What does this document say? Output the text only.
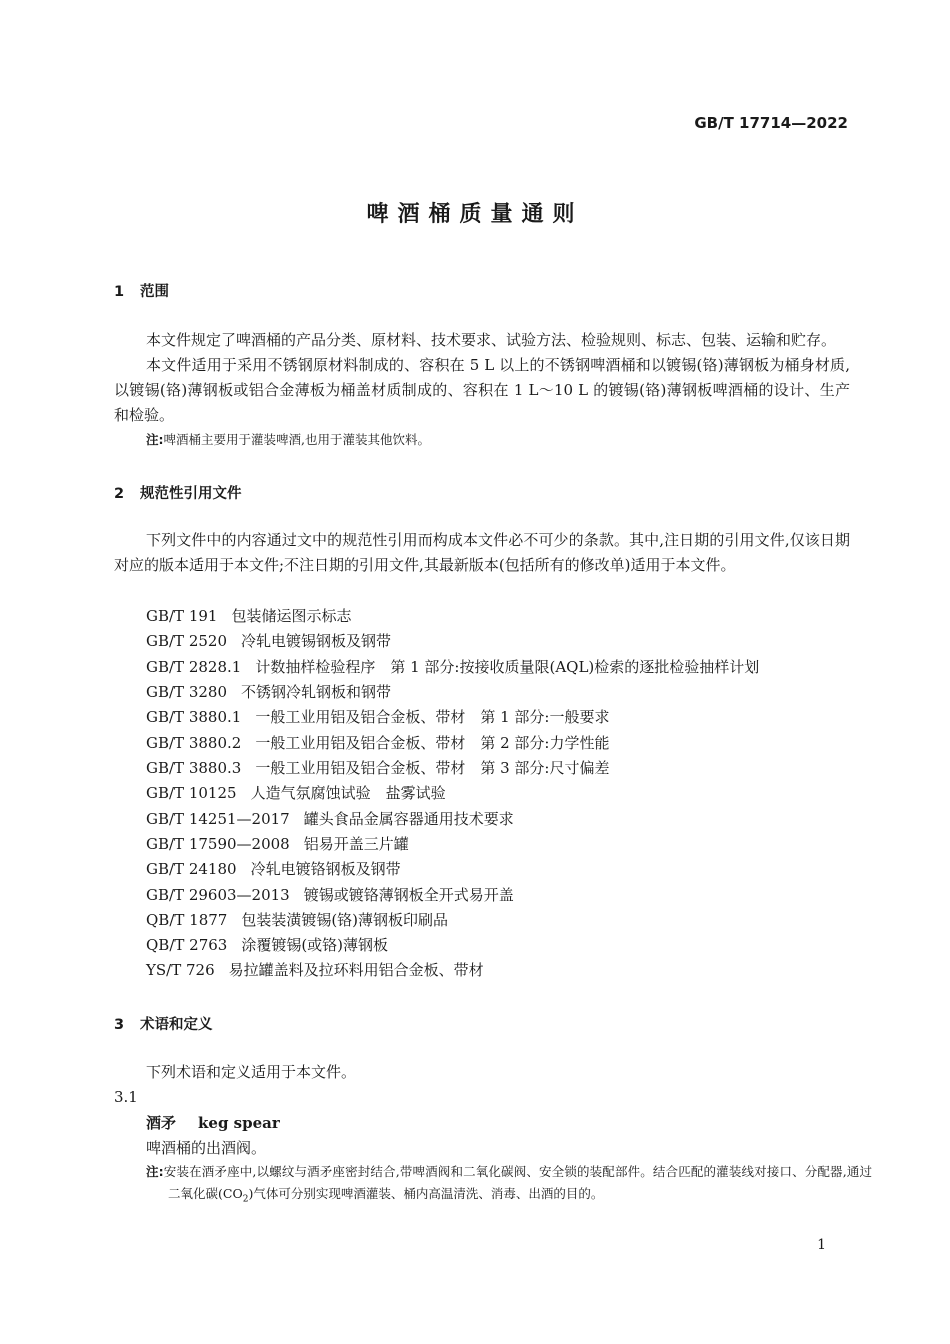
GB/T 17714—2022
啤酒桶质量通则
1 范围
本文件规定了啤酒桶的产品分类、原材料、技术要求、试验方法、检验规则、标志、包装、运输和贮存。
本文件适用于采用不锈钢原材料制成的、容积在 5 L 以上的不锈钢啤酒桶和以镀锡(铬)薄钢板为桶身材质,以镀锡(铬)薄钢板或铝合金薄板为桶盖材质制成的、容积在 1 L～10 L 的镀锡(铬)薄钢板啤酒桶的设计、生产和检验。
注:啤酒桶主要用于灌装啤酒,也用于灌装其他饮料。
2 规范性引用文件
下列文件中的内容通过文中的规范性引用而构成本文件必不可少的条款。其中,注日期的引用文件,仅该日期对应的版本适用于本文件;不注日期的引用文件,其最新版本(包括所有的修改单)适用于本文件。
GB/T 191 包装储运图示标志
GB/T 2520 冷轧电镀锡钢板及钢带
GB/T 2828.1 计数抽样检验程序　第 1 部分:按接收质量限(AQL)检索的逐批检验抽样计划
GB/T 3280 不锈钢冷轧钢板和钢带
GB/T 3880.1 一般工业用铝及铝合金板、带材　第 1 部分:一般要求
GB/T 3880.2 一般工业用铝及铝合金板、带材　第 2 部分:力学性能
GB/T 3880.3 一般工业用铝及铝合金板、带材　第 3 部分:尺寸偏差
GB/T 10125 人造气氛腐蚀试验　盐雾试验
GB/T 14251—2017 罐头食品金属容器通用技术要求
GB/T 17590—2008 铝易开盖三片罐
GB/T 24180 冷轧电镀铬钢板及钢带
GB/T 29603—2013 镀锡或镀铬薄钢板全开式易开盖
QB/T 1877 包装装潢镀锡(铬)薄钢板印刷品
QB/T 2763 涂覆镀锡(或铬)薄钢板
YS/T 726 易拉罐盖料及拉环料用铝合金板、带材
3 术语和定义
下列术语和定义适用于本文件。
3.1
酒矛 keg spear
啤酒桶的出酒阀。
注:安装在酒矛座中,以螺纹与酒矛座密封结合,带啤酒阀和二氧化碳阀、安全锁的装配部件。结合匹配的灌装线对接口、分配器,通过二氧化碳$(CO_2)$气体可分别实现啤酒灌装、桶内高温清洗、消毒、出酒的目的。
1
